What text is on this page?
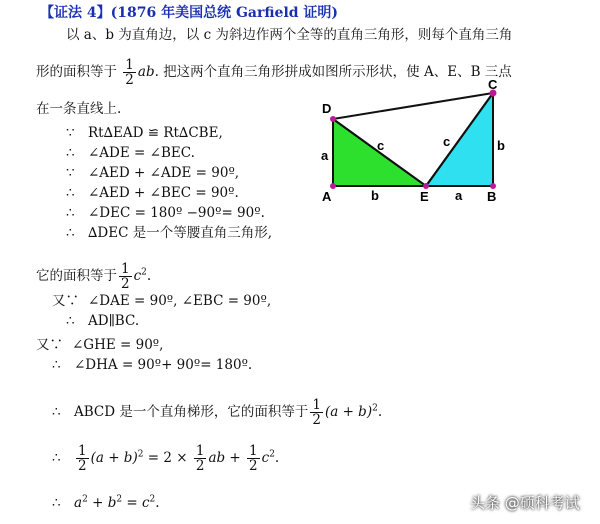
【证法 4】(1876 年美国总统 Garfield 证明)
以 a、b 为直角边，以 c 为斜边作两个全等的直角三角形，则每个直角三角
形的面积等于 $\frac{1}{2}$ ab. 把这两个直角三角形拼成如图所示形状，使 A、E、B 三点
在一条直线上.
∵ Rt∆EAD ≌ Rt∆CBE,
∴ ∠ADE = ∠BEC.
∵ ∠AED + ∠ADE = 90º,
∴ ∠AED + ∠BEC = 90º.
∴ ∠DEC = 180º −90º= 90º.
∴ ∆DEC 是一个等腰直角三角形,
它的面积等于 $\frac{1}{2} c^2$.
又∵ ∠DAE = 90º, ∠EBC = 90º,
∴ AD∥BC.
又∵ ∠GHE = 90º,
∴ ∠DHA = 90º+ 90º= 180º.
∴ ABCD 是一个直角梯形，它的面积等于 $\frac{1}{2} (a + b)^2$.
∴ $\frac{1}{2} (a + b)^2 = 2 \times \frac{1}{2}$ ab + $\frac{1}{2} c^2$.
∴ $a^2 + b^2 = c^2$.
D
A	E	B
C
a
b
c	c
a
b
头条 @硕科考试
